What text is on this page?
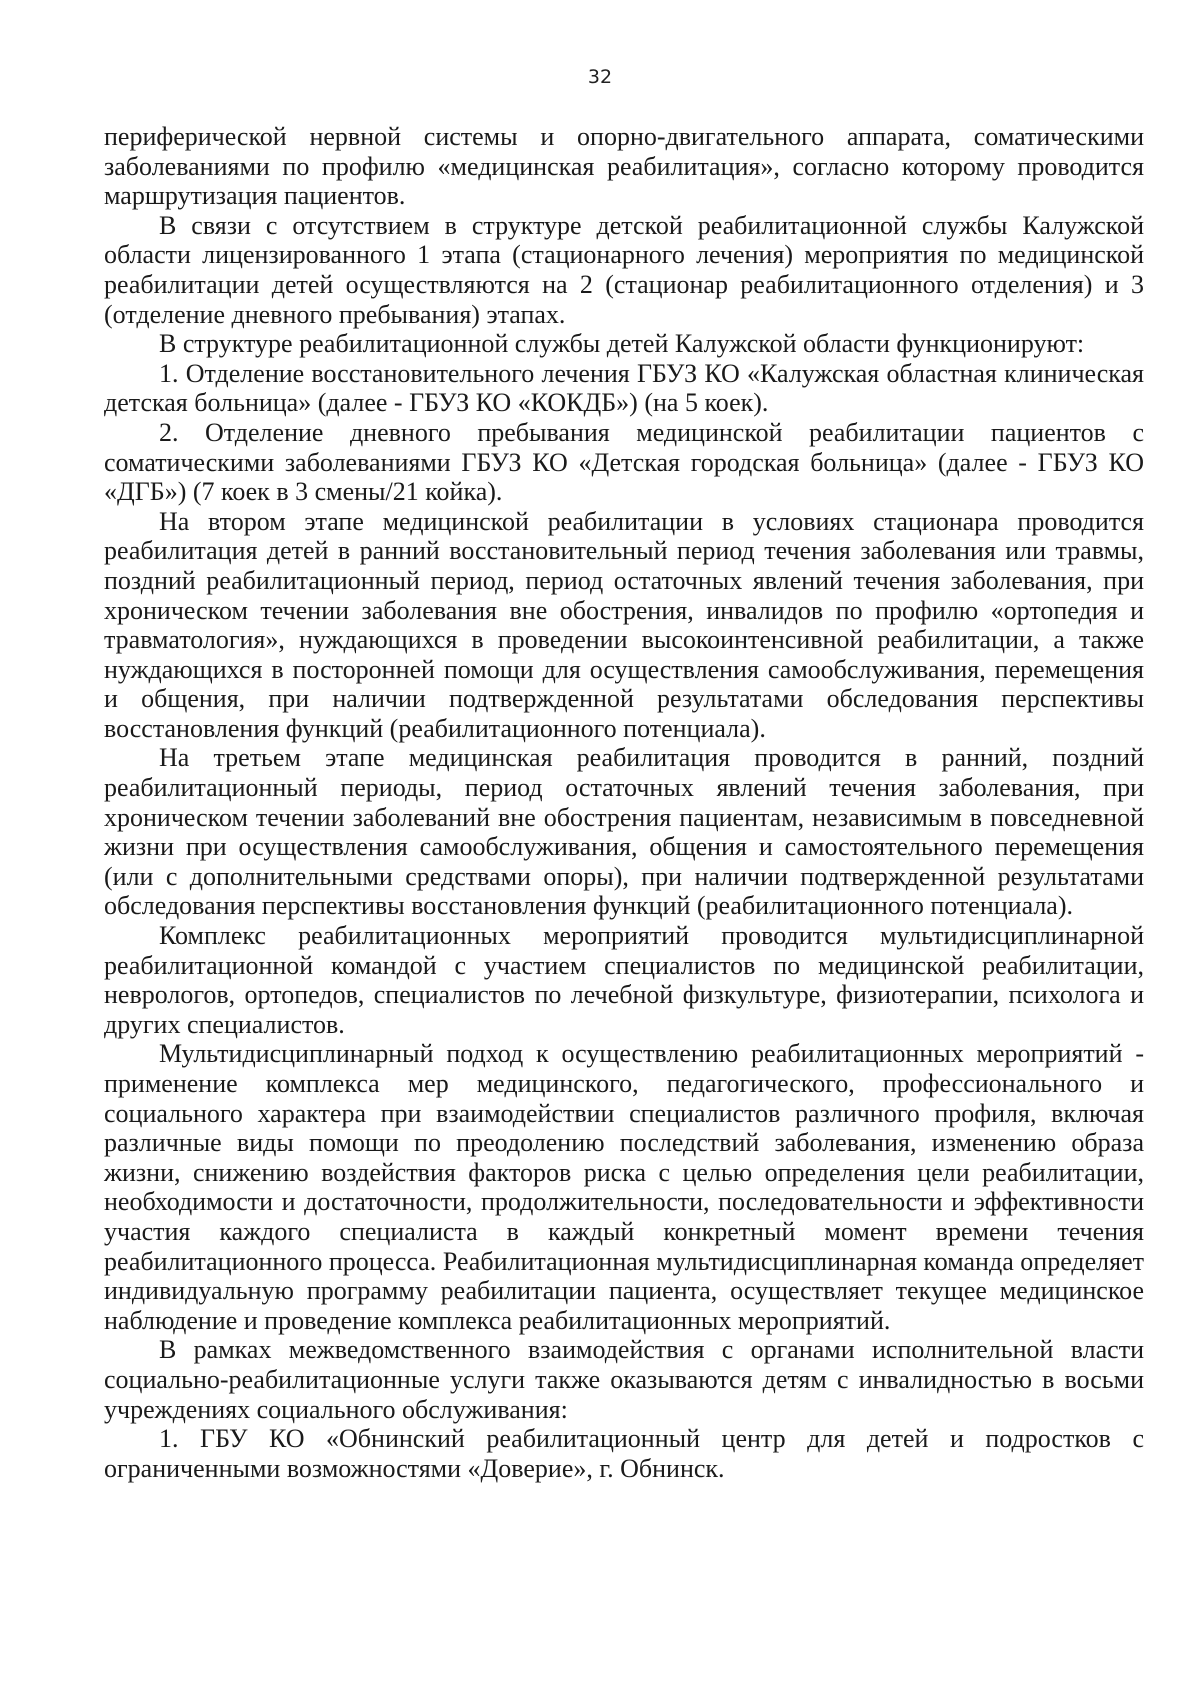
32

периферической нервной системы и опорно-двигательного аппарата, соматическими заболеваниями по профилю «медицинская реабилитация», согласно которому проводится маршрутизация пациентов.

В связи с отсутствием в структуре детской реабилитационной службы Калужской области лицензированного 1 этапа (стационарного лечения) мероприятия по медицинской реабилитации детей осуществляются на 2 (стационар реабилитационного отделения) и 3 (отделение дневного пребывания) этапах.

В структуре реабилитационной службы детей Калужской области функционируют:

1. Отделение восстановительного лечения ГБУЗ КО «Калужская областная клиническая детская больница» (далее - ГБУЗ КО «КОКДБ») (на 5 коек).

2. Отделение дневного пребывания медицинской реабилитации пациентов с соматическими заболеваниями ГБУЗ КО «Детская городская больница» (далее - ГБУЗ КО «ДГБ») (7 коек в 3 смены/21 койка).

На втором этапе медицинской реабилитации в условиях стационара проводится реабилитация детей в ранний восстановительный период течения заболевания или травмы, поздний реабилитационный период, период остаточных явлений течения заболевания, при хроническом течении заболевания вне обострения, инвалидов по профилю «ортопедия и травматология», нуждающихся в проведении высокоинтенсивной реабилитации, а также нуждающихся в посторонней помощи для осуществления самообслуживания, перемещения и общения, при наличии подтвержденной результатами обследования перспективы восстановления функций (реабилитационного потенциала).

На третьем этапе медицинская реабилитация проводится в ранний, поздний реабилитационный периоды, период остаточных явлений течения заболевания, при хроническом течении заболеваний вне обострения пациентам, независимым в повседневной жизни при осуществления самообслуживания, общения и самостоятельного перемещения (или с дополнительными средствами опоры), при наличии подтвержденной результатами обследования перспективы восстановления функций (реабилитационного потенциала).

Комплекс реабилитационных мероприятий проводится мультидисциплинарной реабилитационной командой с участием специалистов по медицинской реабилитации, неврологов, ортопедов, специалистов по лечебной физкультуре, физиотерапии, психолога и других специалистов.

Мультидисциплинарный подход к осуществлению реабилитационных мероприятий - применение комплекса мер медицинского, педагогического, профессионального и социального характера при взаимодействии специалистов различного профиля, включая различные виды помощи по преодолению последствий заболевания, изменению образа жизни, снижению воздействия факторов риска с целью определения цели реабилитации, необходимости и достаточности, продолжительности, последовательности и эффективности участия каждого специалиста в каждый конкретный момент времени течения реабилитационного процесса. Реабилитационная мультидисциплинарная команда определяет индивидуальную программу реабилитации пациента, осуществляет текущее медицинское наблюдение и проведение комплекса реабилитационных мероприятий.

В рамках межведомственного взаимодействия с органами исполнительной власти социально-реабилитационные услуги также оказываются детям с инвалидностью в восьми учреждениях социального обслуживания:

1. ГБУ КО «Обнинский реабилитационный центр для детей и подростков с ограниченными возможностями «Доверие», г. Обнинск.
